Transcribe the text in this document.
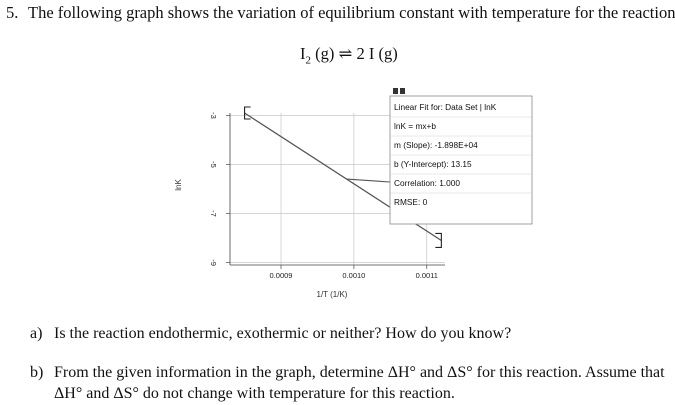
5. The following graph shows the variation of equilibrium constant with temperature for the reaction
$I_2$ (g) ⇌ 2 I (g)
0.0009	0.0010	0.0011
-3
-5
-7
-9
1/T (1/K)
lnK
Linear Fit for: Data Set | lnK
lnK = mx+b
m (Slope): -1.898E+04
b (Y-Intercept): 13.15
Correlation: 1.000
RMSE: 0
a) Is the reaction endothermic, exothermic or neither? How do you know?
b) From the given information in the graph, determine ΔH° and ΔS° for this reaction. Assume that
ΔH° and ΔS° do not change with temperature for this reaction.
